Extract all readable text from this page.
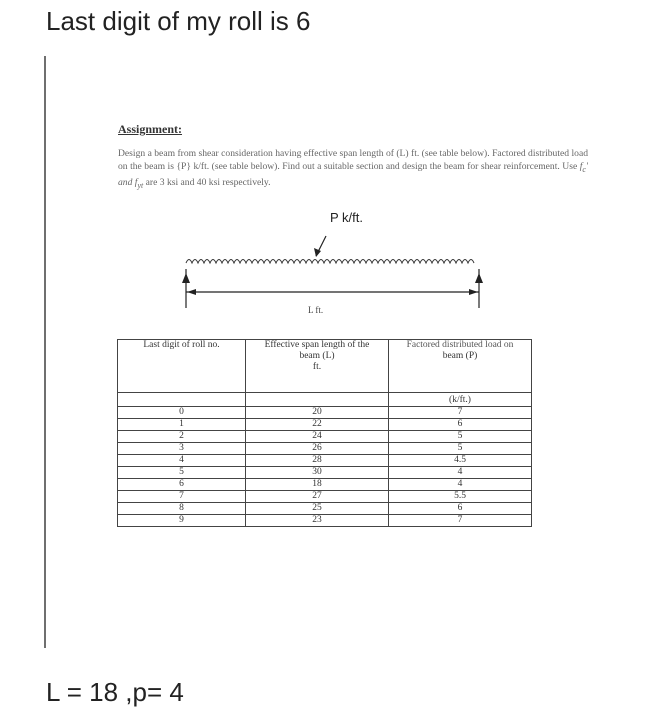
Last digit of my roll is 6
Assignment:
Design a beam from shear consideration having effective span length of (L) ft. (see table below). Factored distributed load on the beam is {P} k/ft. (see table below). Find out a suitable section and design the beam for shear reinforcement. Use $f_c'$ and $f_{yt}$ are 3 ksi and 40 ksi respectively.
P k/ft.
L ft.
Last digit of roll no.	Effective span length of the
beam (L)
ft.	Factored distributed load on
beam (P)

		(k/ft.)
0	20	7
1	22	6
2	24	5
3	26	5
4	28	4.5
5	30	4
6	18	4
7	27	5.5
8	25	6
9	23	7
L = 18 ,p= 4
